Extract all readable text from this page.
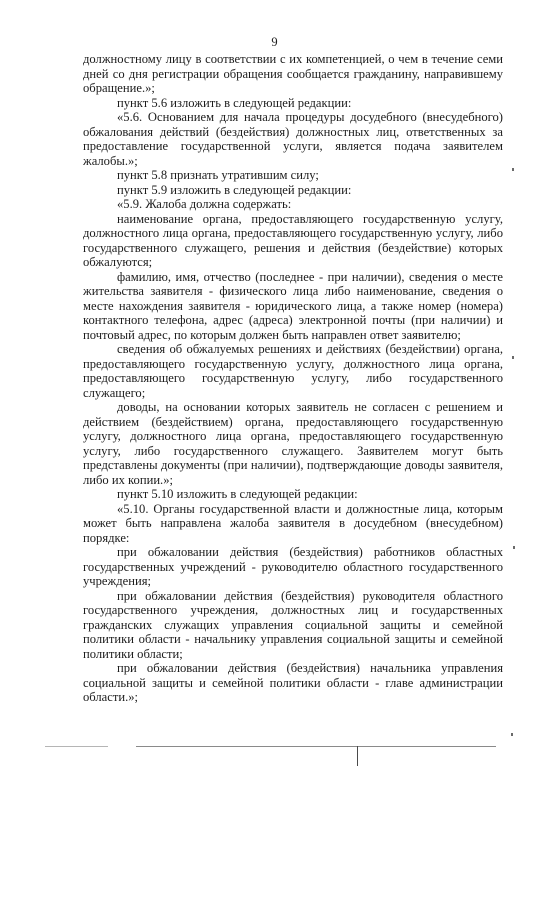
9

должностному лицу в соответствии с их компетенцией, о чем в течение семи дней со дня регистрации обращения сообщается гражданину, направившему обращение.»;

пункт 5.6 изложить в следующей редакции:

«5.6. Основанием для начала процедуры досудебного (внесудебного) обжалования действий (бездействия) должностных лиц, ответственных за предоставление государственной услуги, является подача заявителем жалобы.»;

пункт 5.8 признать утратившим силу;

пункт 5.9 изложить в следующей редакции:

«5.9. Жалоба должна содержать:

наименование органа, предоставляющего государственную услугу, должностного лица органа, предоставляющего государственную услугу, либо государственного служащего, решения и действия (бездействие) которых обжалуются;

фамилию, имя, отчество (последнее - при наличии), сведения о месте жительства заявителя - физического лица либо наименование, сведения о месте нахождения заявителя - юридического лица, а также номер (номера) контактного телефона, адрес (адреса) электронной почты (при наличии) и почтовый адрес, по которым должен быть направлен ответ заявителю;

сведения об обжалуемых решениях и действиях (бездействии) органа, предоставляющего государственную услугу, должностного лица органа, предоставляющего государственную услугу, либо государственного служащего;

доводы, на основании которых заявитель не согласен с решением и действием (бездействием) органа, предоставляющего государственную услугу, должностного лица органа, предоставляющего государственную услугу, либо государственного служащего. Заявителем могут быть представлены документы (при наличии), подтверждающие доводы заявителя, либо их копии.»;

пункт 5.10 изложить в следующей редакции:

«5.10. Органы государственной власти и должностные лица, которым может быть направлена жалоба заявителя в досудебном (внесудебном) порядке:

при обжаловании действия (бездействия) работников областных государственных учреждений - руководителю областного государственного учреждения;

при обжаловании действия (бездействия) руководителя областного государственного учреждения, должностных лиц и государственных гражданских служащих управления социальной защиты и семейной политики области - начальнику управления социальной защиты и семейной политики области;

при обжаловании действия (бездействия) начальника управления социальной защиты и семейной политики области - главе администрации области.»;
